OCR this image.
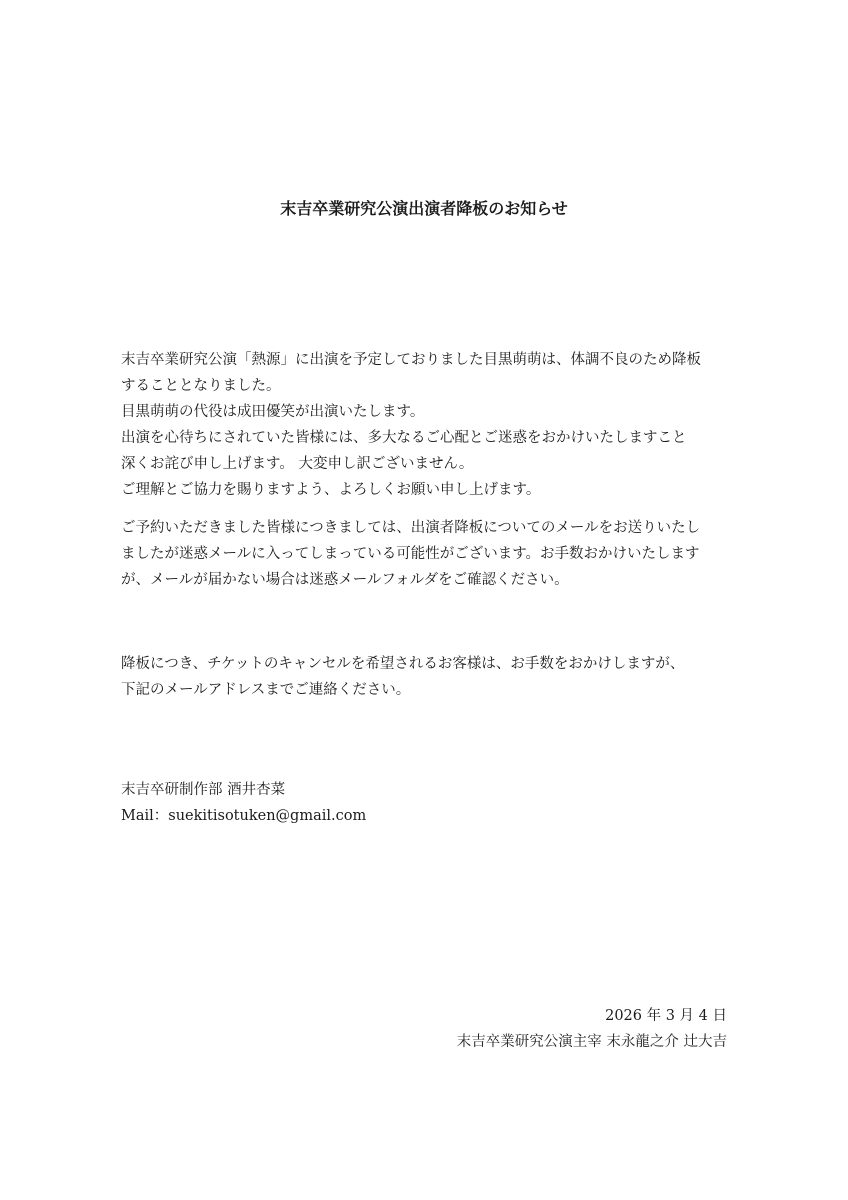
末吉卒業研究公演出演者降板のお知らせ
末吉卒業研究公演「熱源」に出演を予定しておりました目黒萌萌は、体調不良のため降板
することとなりました。
目黒萌萌の代役は成田優笑が出演いたします。
出演を心待ちにされていた皆様には、多大なるご心配とご迷惑をおかけいたしますこと
深くお詫び申し上げます。 大変申し訳ございません。
ご理解とご協力を賜りますよう、よろしくお願い申し上げます。
ご予約いただきました皆様につきましては、出演者降板についてのメールをお送りいたし
ましたが迷惑メールに入ってしまっている可能性がございます。お手数おかけいたします
が、メールが届かない場合は迷惑メールフォルダをご確認ください。
降板につき、チケットのキャンセルを希望されるお客様は、お手数をおかけしますが、
下記のメールアドレスまでご連絡ください。
末吉卒研制作部 酒井杏菜
Mail：suekitisotuken@gmail.com
2026 年 3 月 4 日
末吉卒業研究公演主宰 末永龍之介 辻大吉
